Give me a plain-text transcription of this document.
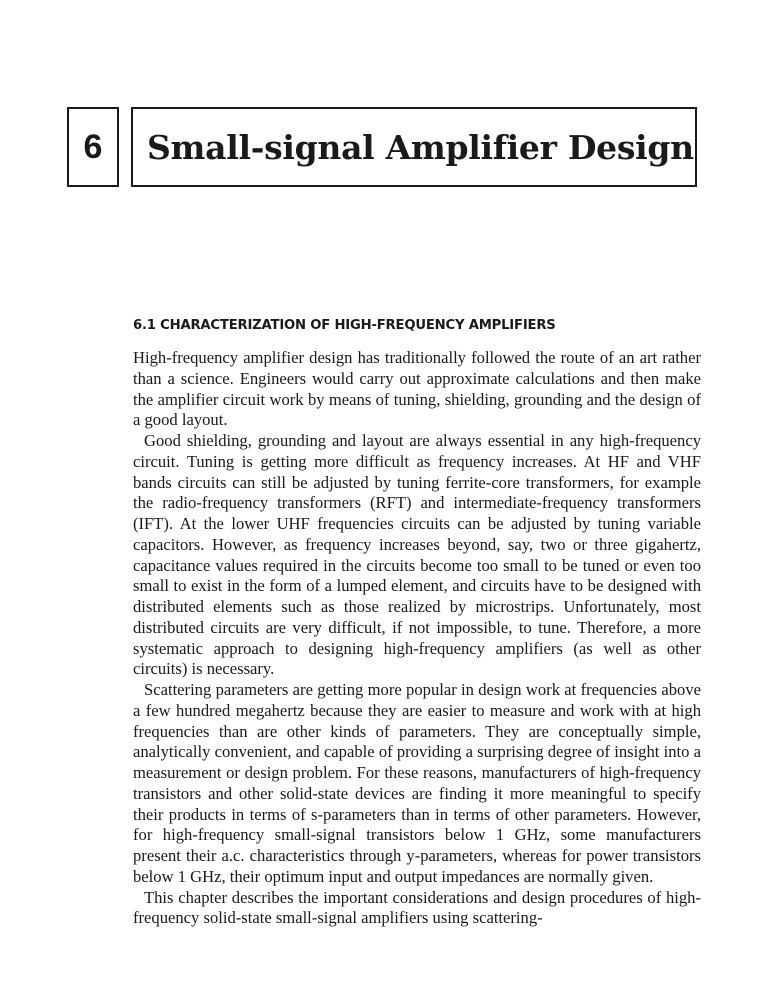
6 Small-signal Amplifier Design
6.1 CHARACTERIZATION OF HIGH-FREQUENCY AMPLIFIERS

High-frequency amplifier design has traditionally followed the route of an art rather than a science. Engineers would carry out approximate calculations and then make the amplifier circuit work by means of tuning, shielding, grounding and the design of a good layout.

Good shielding, grounding and layout are always essential in any high-frequency circuit. Tuning is getting more difficult as frequency increases. At HF and VHF bands circuits can still be adjusted by tuning ferrite-core transformers, for example the radio-frequency transformers (RFT) and intermediate-frequency transformers (IFT). At the lower UHF frequencies circuits can be adjusted by tuning variable capacitors. However, as frequency increases beyond, say, two or three gigahertz, capacitance values required in the circuits become too small to be tuned or even too small to exist in the form of a lumped element, and circuits have to be designed with distributed elements such as those realized by microstrips. Unfortunately, most distributed circuits are very difficult, if not impossible, to tune. Therefore, a more systematic approach to designing high-frequency amplifiers (as well as other circuits) is necessary.

Scattering parameters are getting more popular in design work at frequencies above a few hundred megahertz because they are easier to measure and work with at high frequencies than are other kinds of parameters. They are conceptually simple, analytically convenient, and capable of providing a surprising degree of insight into a measurement or design problem. For these reasons, manufacturers of high-frequency transistors and other solid-state devices are finding it more meaningful to specify their products in terms of s-parameters than in terms of other parameters. However, for high-frequency small-signal transistors below 1 GHz, some manufacturers present their a.c. characteristics through y-parameters, whereas for power transistors below 1 GHz, their optimum input and output impedances are normally given.

This chapter describes the important considerations and design procedures of high-frequency solid-state small-signal amplifiers using scattering-
